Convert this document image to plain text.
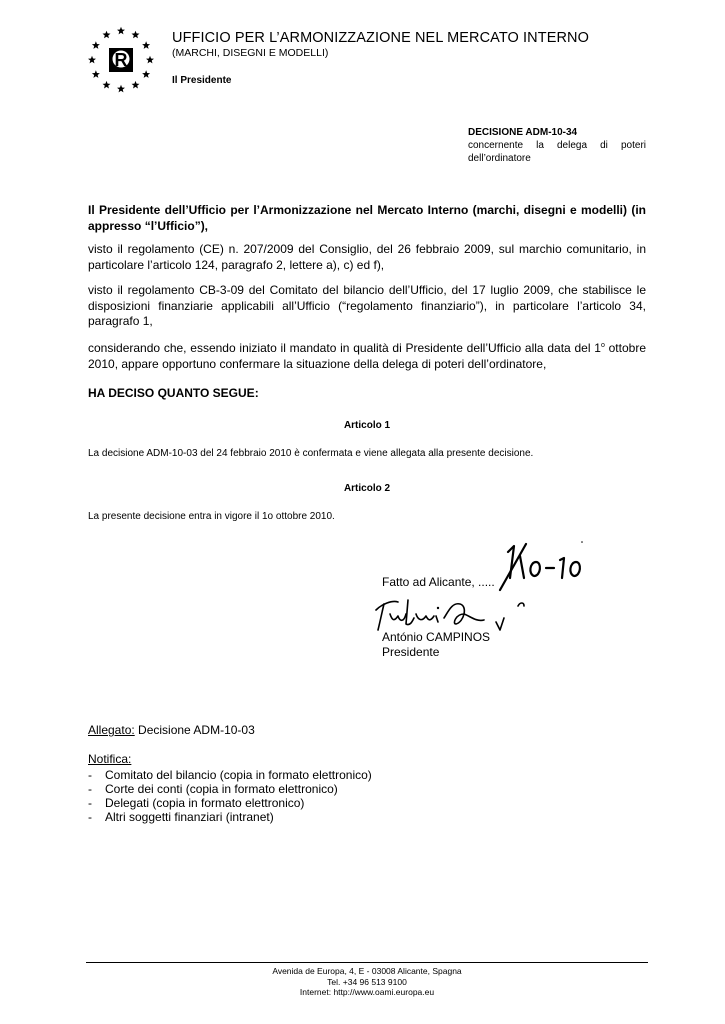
R
UFFICIO PER L’ARMONIZZAZIONE NEL MERCATO INTERNO
(MARCHI, DISEGNI E MODELLI)
Il Presidente
DECISIONE ADM-10-34
concernente la delega di poteri dell’ordinatore
Il Presidente dell’Ufficio per l’Armonizzazione nel Mercato Interno (marchi, disegni e modelli) (in appresso “l’Ufficio”),
visto il regolamento (CE) n. 207/2009 del Consiglio, del 26 febbraio 2009, sul marchio comunitario, in particolare l’articolo 124, paragrafo 2, lettere a), c) ed f),
visto il regolamento CB-3-09 del Comitato del bilancio dell’Ufficio, del 17 luglio 2009, che stabilisce le disposizioni finanziarie applicabili all’Ufficio (“regolamento finanziario”), in particolare l’articolo 34, paragrafo 1,
considerando che, essendo iniziato il mandato in qualità di Presidente dell’Ufficio alla data del 1$^o$ ottobre 2010, appare opportuno confermare la situazione della delega di poteri dell’ordinatore,
HA DECISO QUANTO SEGUE:
Articolo 1
La decisione ADM-10-03 del 24 febbraio 2010 è confermata e viene allegata alla presente decisione.
Articolo 2
La presente decisione entra in vigore il 1o ottobre 2010.
Fatto ad Alicante, .....
António CAMPINOS
Presidente
Allegato: Decisione ADM-10-03
Notifica:
- Comitato del bilancio (copia in formato elettronico)
- Corte dei conti (copia in formato elettronico)
- Delegati (copia in formato elettronico)
- Altri soggetti finanziari (intranet)
Avenida de Europa, 4, E - 03008 Alicante, Spagna
Tel. +34 96 513 9100
Internet: http://www.oami.europa.eu
